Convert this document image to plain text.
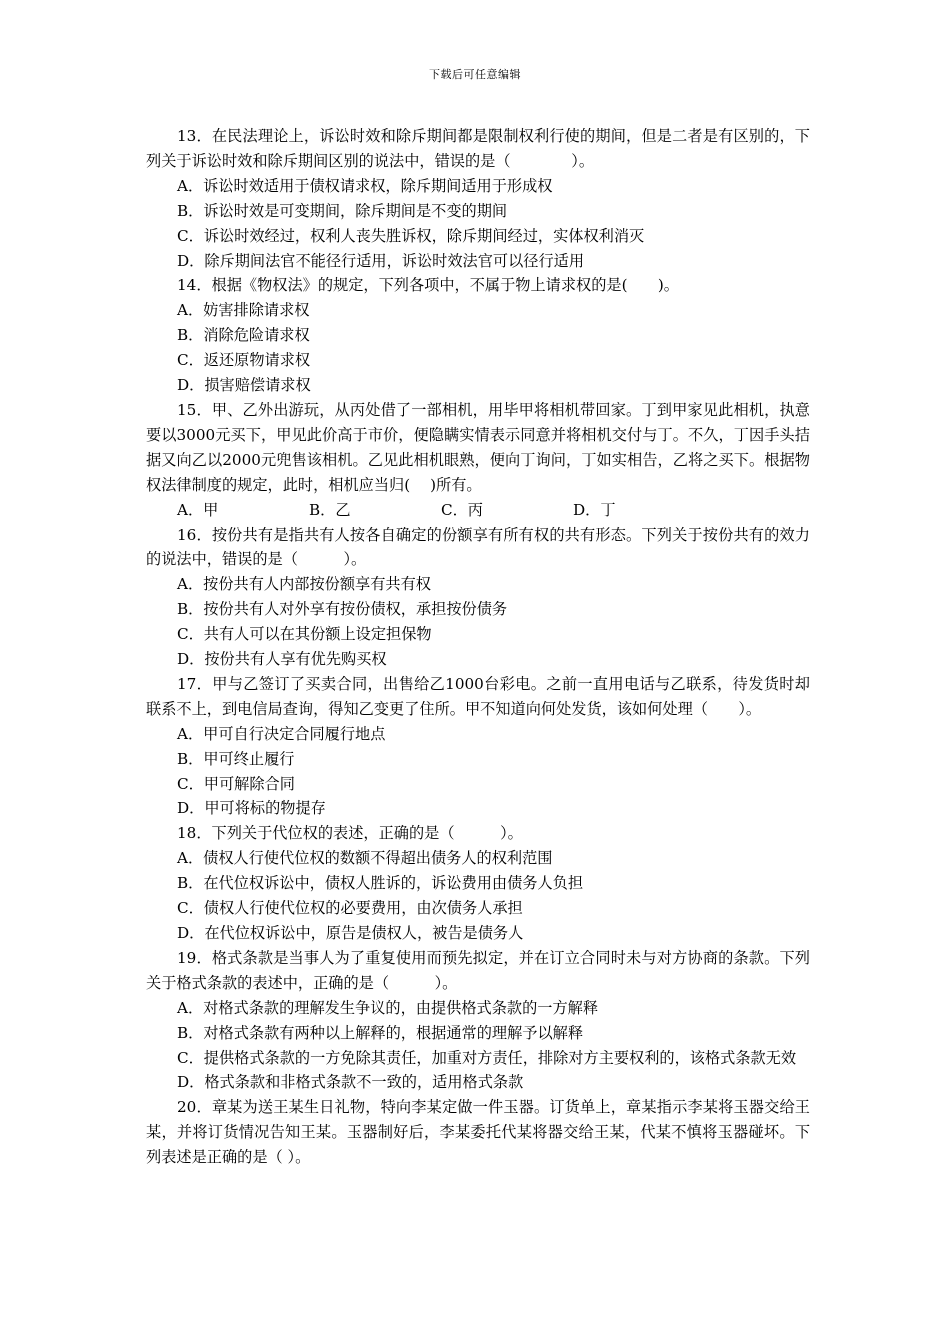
下载后可任意编辑
13．在民法理论上，诉讼时效和除斥期间都是限制权利行使的期间，但是二者是有区别的，下列关于诉讼时效和除斥期间区别的说法中，错误的是（　　　　）。
A．诉讼时效适用于债权请求权，除斥期间适用于形成权
B．诉讼时效是可变期间，除斥期间是不变的期间
C．诉讼时效经过，权利人丧失胜诉权，除斥期间经过，实体权利消灭
D．除斥期间法官不能径行适用，诉讼时效法官可以径行适用
14．根据《物权法》的规定，下列各项中，不属于物上请求权的是(　　)。
A．妨害排除请求权
B．消除危险请求权
C．返还原物请求权
D．损害赔偿请求权
15．甲、乙外出游玩，从丙处借了一部相机，用毕甲将相机带回家。丁到甲家见此相机，执意要以3000元买下，甲见此价高于市价，便隐瞒实情表示同意并将相机交付与丁。不久，丁因手头拮据又向乙以2000元兜售该相机。乙见此相机眼熟，便向丁询问，丁如实相告，乙将之买下。根据物权法律制度的规定，此时，相机应当归(　 )所有。
A．甲	B．乙	C．丙	D．丁
16．按份共有是指共有人按各自确定的份额享有所有权的共有形态。下列关于按份共有的效力的说法中，错误的是（　　　）。
A．按份共有人内部按份额享有共有权
B．按份共有人对外享有按份债权，承担按份债务
C．共有人可以在其份额上设定担保物
D．按份共有人享有优先购买权
17．甲与乙签订了买卖合同，出售给乙1000台彩电。之前一直用电话与乙联系，待发货时却联系不上，到电信局查询，得知乙变更了住所。甲不知道向何处发货，该如何处理（　　）。
A．甲可自行决定合同履行地点
B．甲可终止履行
C．甲可解除合同
D．甲可将标的物提存
18．下列关于代位权的表述，正确的是（　　　）。
A．债权人行使代位权的数额不得超出债务人的权利范围
B．在代位权诉讼中，债权人胜诉的，诉讼费用由债务人负担
C．债权人行使代位权的必要费用，由次债务人承担
D．在代位权诉讼中，原告是债权人，被告是债务人
19．格式条款是当事人为了重复使用而预先拟定，并在订立合同时未与对方协商的条款。下列关于格式条款的表述中，正确的是（　　　）。
A．对格式条款的理解发生争议的，由提供格式条款的一方解释
B．对格式条款有两种以上解释的，根据通常的理解予以解释
C．提供格式条款的一方免除其责任，加重对方责任，排除对方主要权利的，该格式条款无效
D．格式条款和非格式条款不一致的，适用格式条款
20．章某为送王某生日礼物，特向李某定做一件玉器。订货单上，章某指示李某将玉器交给王某，并将订货情况告知王某。玉器制好后，李某委托代某将器交给王某，代某不慎将玉器碰坏。下列表述是正确的是（ ）。
